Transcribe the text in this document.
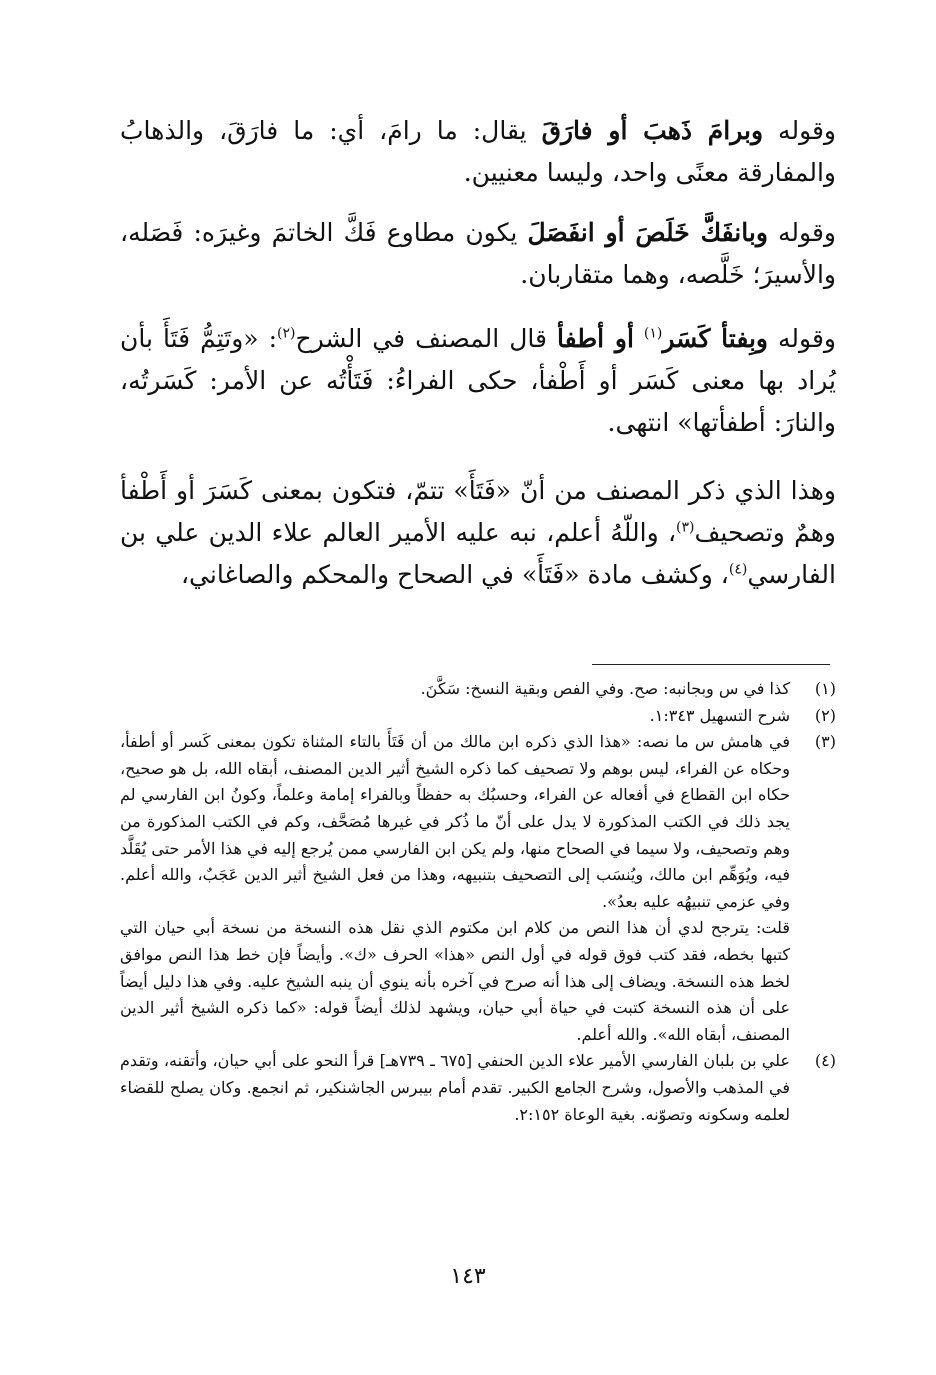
وقوله وبرامَ ذَهبَ أو فارَقَ يقال: ما رامَ، أي: ما فارَقَ، والذهابُ والمفارقة معنًى واحد، وليسا معنيين.

وقوله وبانفَكَّ خَلَصَ أو انفَصَلَ يكون مطاوع فَكَّ الخاتمَ وغيرَه: فَصَله، والأسيرَ؛ خَلَّصه، وهما متقاربان.

وقوله وبِفتأ كَسَر$^{(١)}$ أو أطفأ قال المصنف في الشرح$^{(٢)}$: «وتَتِمُّ فَتَأَ بأن يُراد بها معنى كَسَر أو أَطْفأ، حكى الفراءُ: فَتَأْتُه عن الأمر: كَسَرتُه، والنارَ: أطفأتها» انتهى.

وهذا الذي ذكر المصنف من أنّ «فَتَأَ» تتمّ، فتكون بمعنى كَسَرَ أو أَطْفأ وهمٌ وتصحيف$^{(٣)}$، واللّهُ أعلم، نبه عليه الأمير العالم علاء الدين علي بن الفارسي$^{(٤)}$، وكشف مادة «فَتَأَ» في الصحاح والمحكم والصاغاني،

(١)
كذا في س وبجانبه: صح. وفي الفص وبقية النسخ: سَكَّنَ.
(٢)
شرح التسهيل ١:٣٤٣.
(٣)
في هامش س ما نصه: «هذا الذي ذكره ابن مالك من أن فَتَأَ بالتاء المثناة تكون بمعنى كَسر أو أطفأ، وحكاه عن الفراء، ليس بوهم ولا تصحيف كما ذكره الشيخ أثير الدين المصنف، أبقاه الله، بل هو صحيح، حكاه ابن القطاع في أفعاله عن الفراء، وحسبُك به حفظاً وبالفراء إمامة وعلماً، وكونُ ابن الفارسي لم يجد ذلك في الكتب المذكورة لا يدل على أنّ ما ذُكر في غيرها مُصَحَّف، وكم في الكتب المذكورة من وهم وتصحيف، ولا سيما في الصحاح منها، ولم يكن ابن الفارسي ممن يُرجع إليه في هذا الأمر حتى يُقَلَّد فيه، ويُوَهِّم ابن مالك، ويُنسَب إلى التصحيف بتنبيهه، وهذا من فعل الشيخ أثير الدين عَجَبٌ، والله أعلم. وفي عزمي تنبيهُه عليه بعدُ».
قلت: يترجح لدي أن هذا النص من كلام ابن مكتوم الذي نقل هذه النسخة من نسخة أبي حيان التي كتبها بخطه، فقد كتب فوق قوله في أول النص «هذا» الحرف «ك». وأيضاً فإن خط هذا النص موافق لخط هذه النسخة. ويضاف إلى هذا أنه صرح في آخره بأنه ينوي أن ينبه الشيخ عليه. وفي هذا دليل أيضاً على أن هذه النسخة كتبت في حياة أبي حيان، ويشهد لذلك أيضاً قوله: «كما ذكره الشيخ أثير الدين المصنف، أبقاه الله». والله أعلم.
(٤)
علي بن بلبان الفارسي الأمير علاء الدين الحنفي [٦٧٥ ـ ٧٣٩هـ] قرأ النحو على أبي حيان، وأتقنه، وتقدم في المذهب والأصول، وشرح الجامع الكبير. تقدم أمام بيبرس الجاشنكير، ثم انجمع. وكان يصلح للقضاء لعلمه وسكونه وتصوّنه. بغية الوعاة ٢:١٥٢.
١٤٣
